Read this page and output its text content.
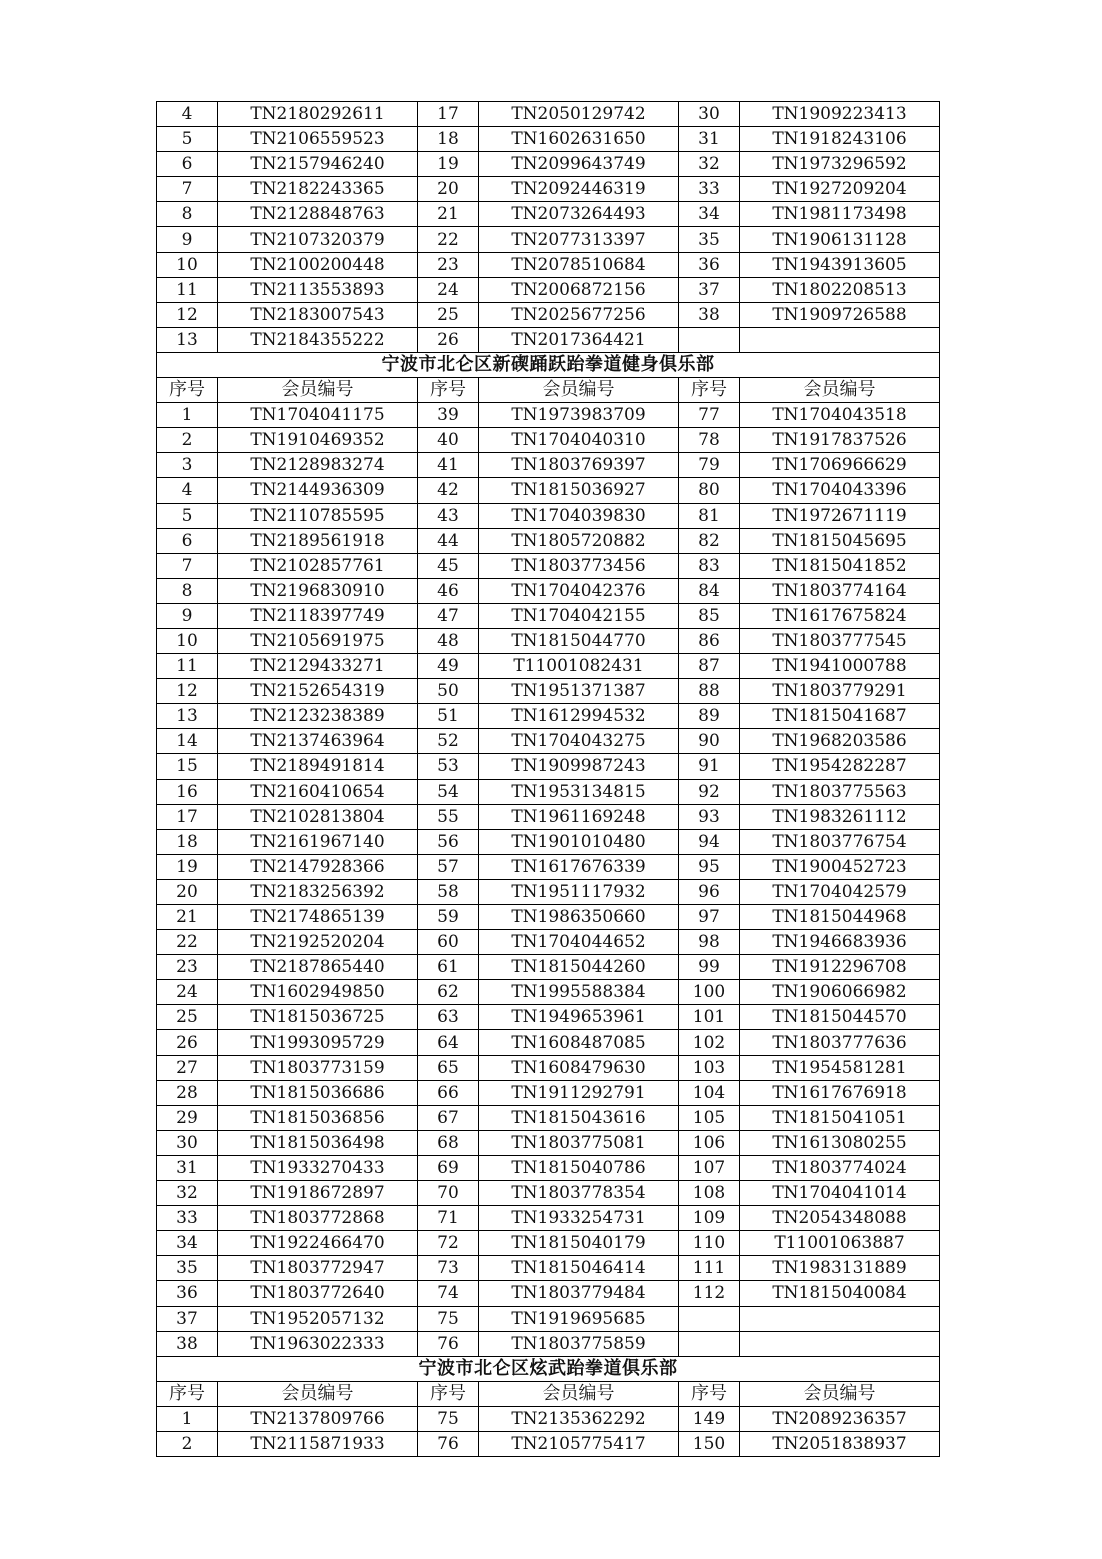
4	TN2180292611	17	TN2050129742	30	TN1909223413
5	TN2106559523	18	TN1602631650	31	TN1918243106
6	TN2157946240	19	TN2099643749	32	TN1973296592
7	TN2182243365	20	TN2092446319	33	TN1927209204
8	TN2128848763	21	TN2073264493	34	TN1981173498
9	TN2107320379	22	TN2077313397	35	TN1906131128
10	TN2100200448	23	TN2078510684	36	TN1943913605
11	TN2113553893	24	TN2006872156	37	TN1802208513
12	TN2183007543	25	TN2025677256	38	TN1909726588
13	TN2184355222	26	TN2017364421		
宁波市北仑区新碶踊跃跆拳道健身俱乐部					
序号	会员编号	序号	会员编号	序号	会员编号
1	TN1704041175	39	TN1973983709	77	TN1704043518
2	TN1910469352	40	TN1704040310	78	TN1917837526
3	TN2128983274	41	TN1803769397	79	TN1706966629
4	TN2144936309	42	TN1815036927	80	TN1704043396
5	TN2110785595	43	TN1704039830	81	TN1972671119
6	TN2189561918	44	TN1805720882	82	TN1815045695
7	TN2102857761	45	TN1803773456	83	TN1815041852
8	TN2196830910	46	TN1704042376	84	TN1803774164
9	TN2118397749	47	TN1704042155	85	TN1617675824
10	TN2105691975	48	TN1815044770	86	TN1803777545
11	TN2129433271	49	T11001082431	87	TN1941000788
12	TN2152654319	50	TN1951371387	88	TN1803779291
13	TN2123238389	51	TN1612994532	89	TN1815041687
14	TN2137463964	52	TN1704043275	90	TN1968203586
15	TN2189491814	53	TN1909987243	91	TN1954282287
16	TN2160410654	54	TN1953134815	92	TN1803775563
17	TN2102813804	55	TN1961169248	93	TN1983261112
18	TN2161967140	56	TN1901010480	94	TN1803776754
19	TN2147928366	57	TN1617676339	95	TN1900452723
20	TN2183256392	58	TN1951117932	96	TN1704042579
21	TN2174865139	59	TN1986350660	97	TN1815044968
22	TN2192520204	60	TN1704044652	98	TN1946683936
23	TN2187865440	61	TN1815044260	99	TN1912296708
24	TN1602949850	62	TN1995588384	100	TN1906066982
25	TN1815036725	63	TN1949653961	101	TN1815044570
26	TN1993095729	64	TN1608487085	102	TN1803777636
27	TN1803773159	65	TN1608479630	103	TN1954581281
28	TN1815036686	66	TN1911292791	104	TN1617676918
29	TN1815036856	67	TN1815043616	105	TN1815041051
30	TN1815036498	68	TN1803775081	106	TN1613080255
31	TN1933270433	69	TN1815040786	107	TN1803774024
32	TN1918672897	70	TN1803778354	108	TN1704041014
33	TN1803772868	71	TN1933254731	109	TN2054348088
34	TN1922466470	72	TN1815040179	110	T11001063887
35	TN1803772947	73	TN1815046414	111	TN1983131889
36	TN1803772640	74	TN1803779484	112	TN1815040084
37	TN1952057132	75	TN1919695685		
38	TN1963022333	76	TN1803775859		
宁波市北仑区炫武跆拳道俱乐部					
序号	会员编号	序号	会员编号	序号	会员编号
1	TN2137809766	75	TN2135362292	149	TN2089236357
2	TN2115871933	76	TN2105775417	150	TN2051838937
